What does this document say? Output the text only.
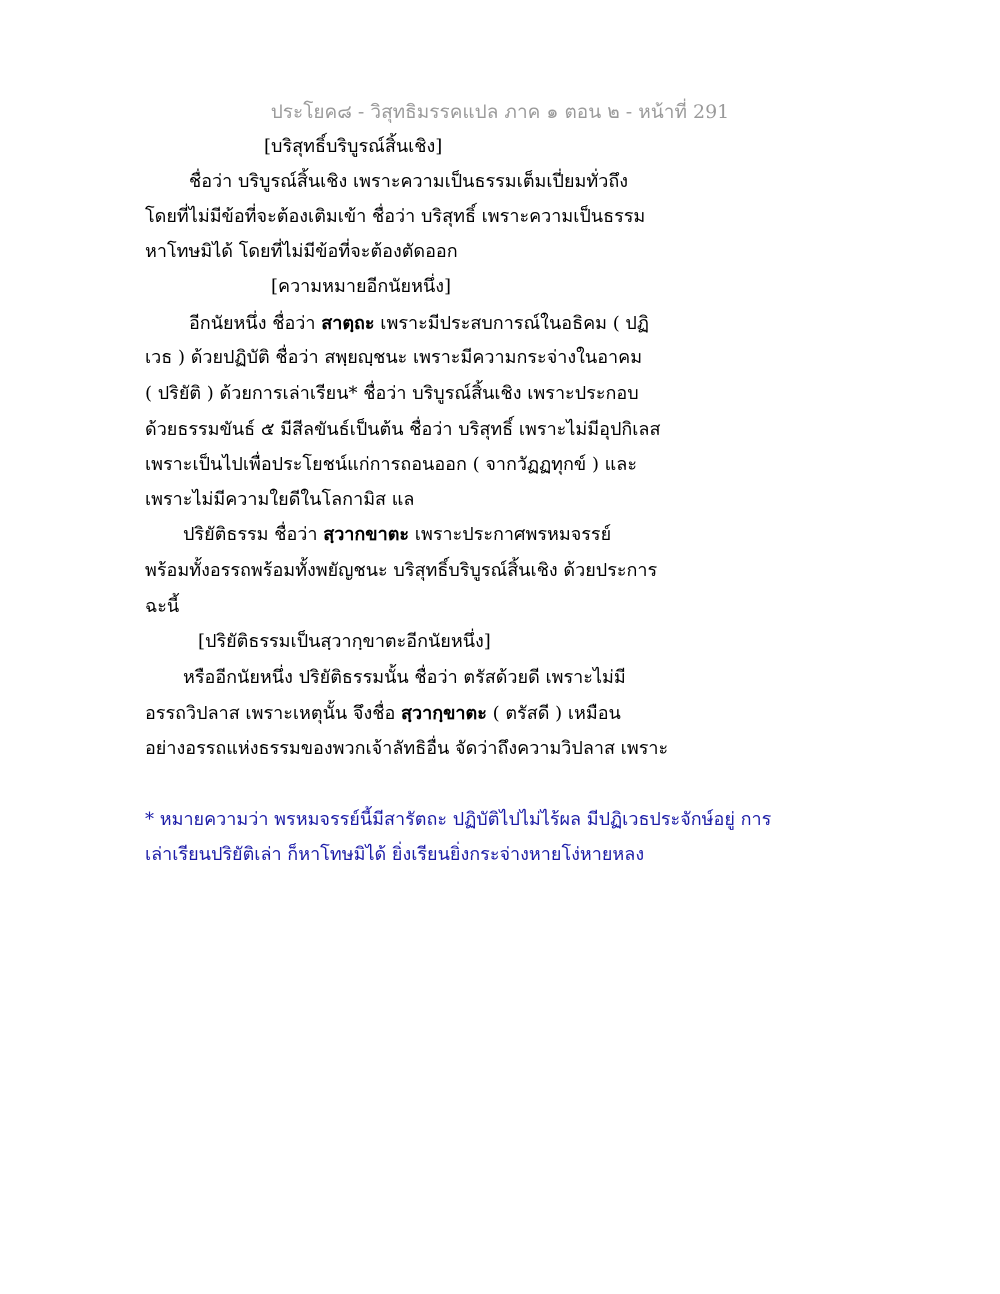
ประโยค๘ - วิสุทธิมรรคแปล ภาค ๑ ตอน ๒ - หน้าที่ 291
[บริสุทธิ์บริบูรณ์สิ้นเชิง]
ชื่อว่า บริบูรณ์สิ้นเชิง เพราะความเป็นธรรมเต็มเปี่ยมทั่วถึง
โดยที่ไม่มีข้อที่จะต้องเติมเข้า ชื่อว่า บริสุทธิ์ เพราะความเป็นธรรม
หาโทษมิได้ โดยที่ไม่มีข้อที่จะต้องตัดออก
[ความหมายอีกนัยหนึ่ง]
อีกนัยหนึ่ง ชื่อว่า สาตฺถะ เพราะมีประสบการณ์ในอธิคม ( ปฏิ
เวธ ) ด้วยปฏิบัติ ชื่อว่า สพฺยญฺชนะ เพราะมีความกระจ่างในอาคม
( ปริยัติ ) ด้วยการเล่าเรียน* ชื่อว่า บริบูรณ์สิ้นเชิง เพราะประกอบ
ด้วยธรรมขันธ์ ๕ มีสีลขันธ์เป็นต้น ชื่อว่า บริสุทธิ์ เพราะไม่มีอุปกิเลส
เพราะเป็นไปเพื่อประโยชน์แก่การถอนออก ( จากวัฏฏทุกข์ ) และ
เพราะไม่มีความใยดีในโลกามิส แล
ปริยัติธรรม ชื่อว่า สฺวากขาตะ เพราะประกาศพรหมจรรย์
พร้อมทั้งอรรถพร้อมทั้งพยัญชนะ บริสุทธิ์บริบูรณ์สิ้นเชิง ด้วยประการ
ฉะนี้
[ปริยัติธรรมเป็นสฺวากฺขาตะอีกนัยหนึ่ง]
หรืออีกนัยหนึ่ง ปริยัติธรรมนั้น ชื่อว่า ตรัสด้วยดี เพราะไม่มี
อรรถวิปลาส เพราะเหตุนั้น จึงชื่อ สฺวากฺขาตะ ( ตรัสดี ) เหมือน
อย่างอรรถแห่งธรรมของพวกเจ้าลัทธิอื่น จัดว่าถึงความวิปลาส เพราะ
* หมายความว่า พรหมจรรย์นี้มีสารัตถะ ปฏิบัติไปไม่ไร้ผล มีปฏิเวธประจักษ์อยู่ การ
เล่าเรียนปริยัติเล่า ก็หาโทษมิได้ ยิ่งเรียนยิ่งกระจ่างหายโง่หายหลง
